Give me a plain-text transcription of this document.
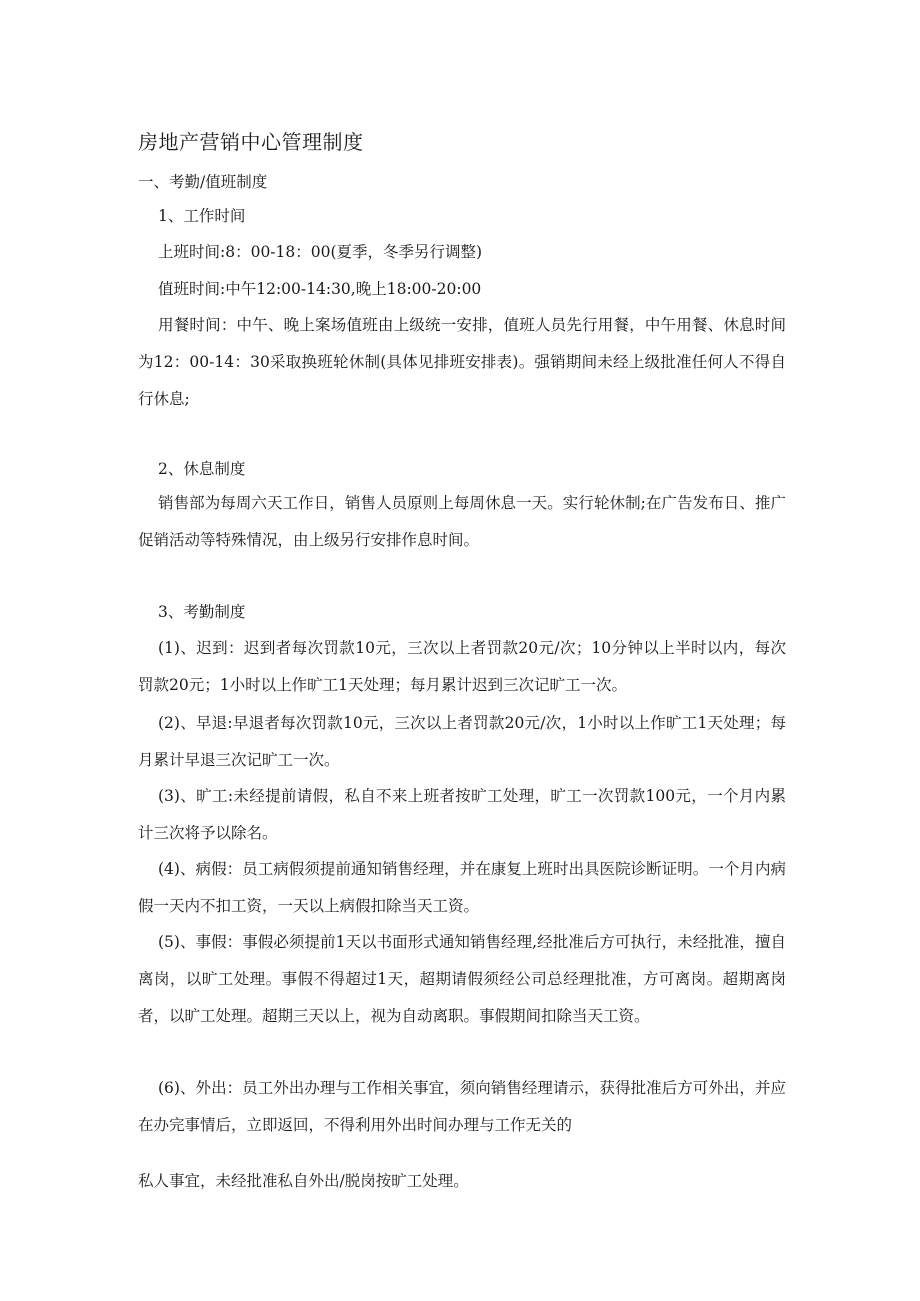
房地产营销中心管理制度

一、考勤/值班制度

1、工作时间

上班时间:8：00-18：00(夏季，冬季另行调整)

值班时间:中午12:00-14:30,晚上18:00-20:00

用餐时间：中午、晚上案场值班由上级统一安排，值班人员先行用餐，中午用餐、休息时间为12：00-14：30采取换班轮休制(具体见排班安排表)。强销期间未经上级批准任何人不得自行休息;

2、休息制度

销售部为每周六天工作日，销售人员原则上每周休息一天。实行轮休制;在广告发布日、推广促销活动等特殊情况，由上级另行安排作息时间。

3、考勤制度

(1)、迟到：迟到者每次罚款10元，三次以上者罚款20元/次；10分钟以上半时以内，每次罚款20元；1小时以上作旷工1天处理；每月累计迟到三次记旷工一次。

(2)、早退:早退者每次罚款10元，三次以上者罚款20元/次，1小时以上作旷工1天处理；每月累计早退三次记旷工一次。

(3)、旷工:未经提前请假，私自不来上班者按旷工处理，旷工一次罚款100元，一个月内累计三次将予以除名。

(4)、病假：员工病假须提前通知销售经理，并在康复上班时出具医院诊断证明。一个月内病假一天内不扣工资，一天以上病假扣除当天工资。

(5)、事假：事假必须提前1天以书面形式通知销售经理,经批准后方可执行，未经批准，擅自离岗，以旷工处理。事假不得超过1天，超期请假须经公司总经理批准，方可离岗。超期离岗者，以旷工处理。超期三天以上，视为自动离职。事假期间扣除当天工资。

(6)、外出：员工外出办理与工作相关事宜，须向销售经理请示，获得批准后方可外出，并应在办完事情后，立即返回，不得利用外出时间办理与工作无关的

私人事宜，未经批准私自外出/脱岗按旷工处理。
